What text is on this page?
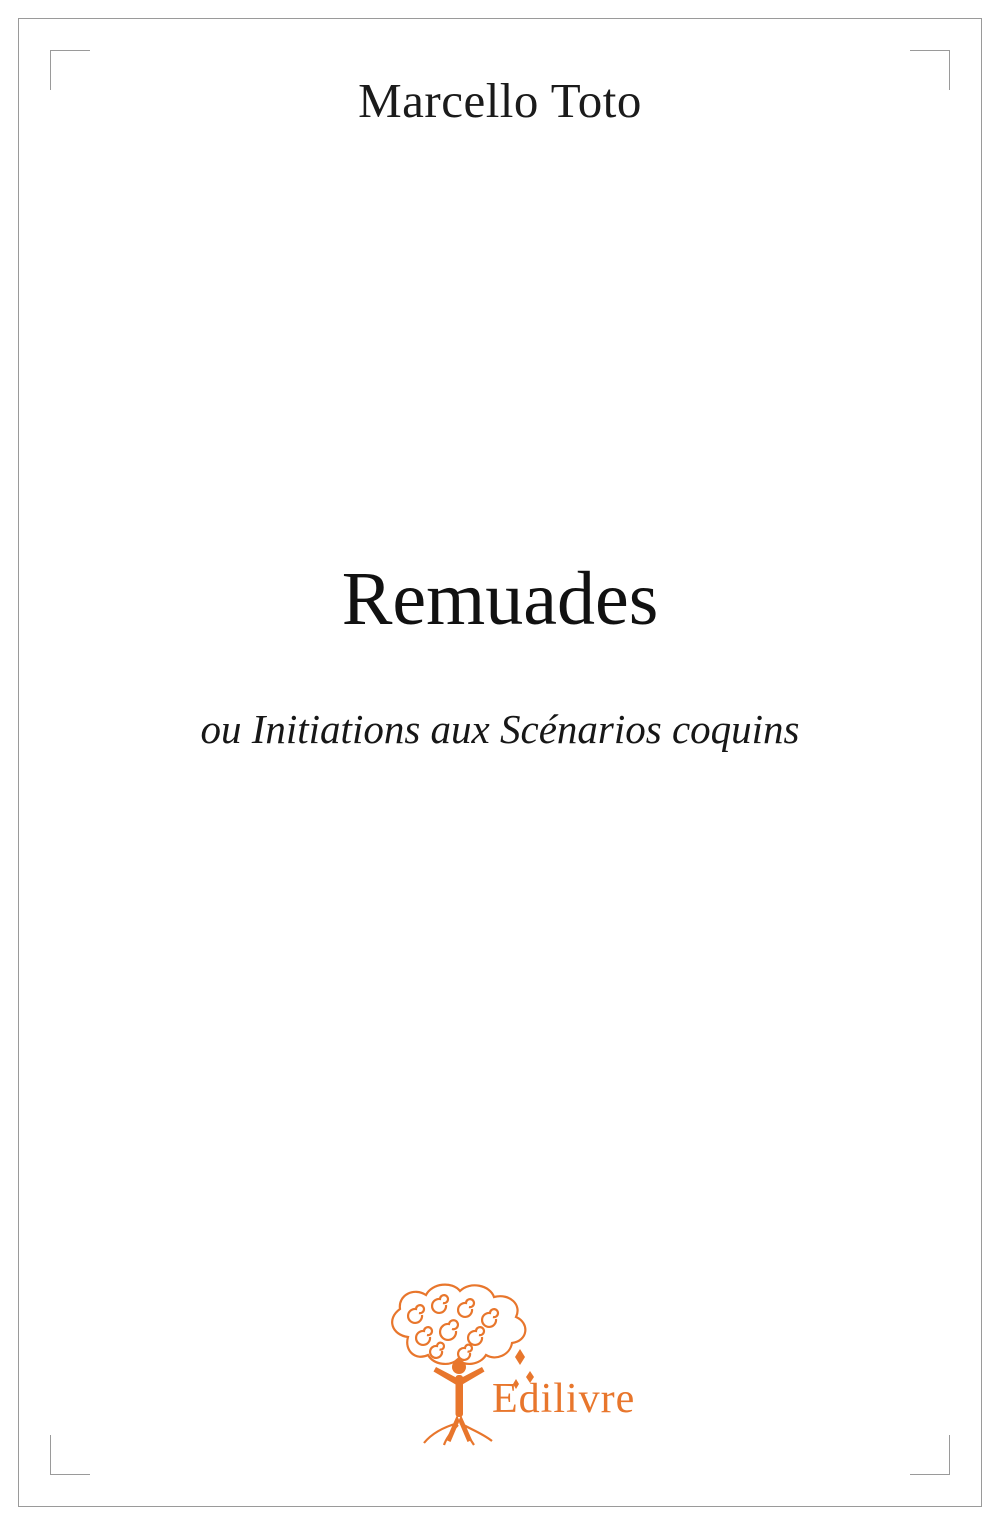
Marcello Toto
Remuades
ou Initiations aux Scénarios coquins
Edilivre
